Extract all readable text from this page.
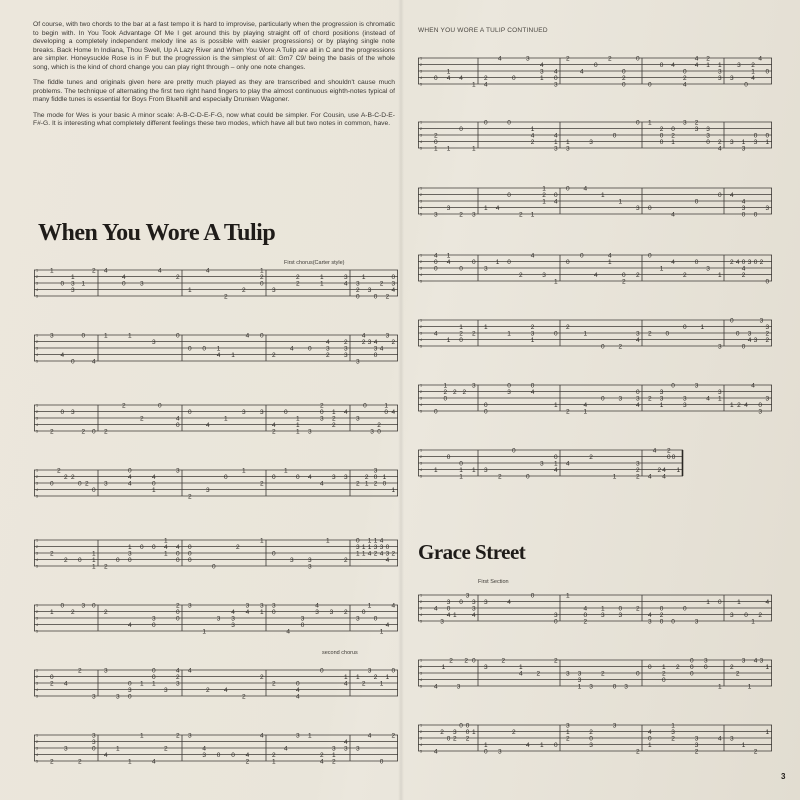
Of course, with two chords to the bar at a fast tempo it is hard to improvise, particularly when the progression is chromatic to begin with. In You Took Advantage Of Me I get around this by playing straight off of chord positions (instead of developing a completely independent melody line as is possible with easier progressions) or by playing single note breaks. Back Home In Indiana, Thou Swell, Up A Lazy River and When You Wore A Tulip are all in C and the progressions are simpler. Honeysuckle Rose is in F but the progression is the simplest of all: Gm7 C9/ being the basis of the whole song, which is the kind of chord change you can play right through – only one note changes.

The fiddle tunes and originals given here are pretty much played as they are transcribed and shouldn't cause much problems. The technique of alternating the first two right hand fingers to play the almost continuous eighth-notes typical of many fiddle tunes is essential for Boys From Bluehill and especially Drunken Wagoner.

The mode for Wes is your basic A minor scale: A-B-C-D-E-F-G, now what could be simpler. For Cousin, use A-B-C-D-E-F#-G. It is interesting what completely different feelings these two modes, which have all but two notes in common, have.

When You Wore A Tulip

First chorus(Carter style)

second chorus

WHEN YOU WORE A TULIP CONTINUED

Grace Street

First Section

1
2
3
4
5
1
0
1
3
3
1
2 4
4
0 3
4
2
1
4
2
2
1
2
0
3
2
2
1
1
3
4 3
2
0
1
3
0
2
2
0
3
4
1
2
3
4
5
3
4
0
0
4
1	1
3
0
0 0 1
4 1
4 0
2
4 0
4
3
2
2
3
3
3
4
2 3 4
3
0
4
3
2
1
2
3
4
5 2
0 3
2 0 2
2
2
0
4
0
0
4
1
3 3
4
2
0
1
1
1 3
2
0
3
1
2
2
4
3
0
3
2
0
1
0 4
1
2
3
4
5
0
2
2 2
0 2
0
3
0
4
4
4
0
1
3
2
3
0
1
2
0
1
0 4
4
3 3
2
2
1
3
0
2
1
0
1
1
2
3
4
5
2
2 0
1
1
1 2
0
1
3
0
0 0
1
4
1
4
0
0
0
0
0
0
2
1
0
3 3
3
1
2
0
3
1
1
1
1
1
4
1
3
2
4
3
4
0
3
4
2
1
2
3
4
5
1
0
2
3 0
2
4
3
0
2
0
0
3
1
3
4
3
3
3
4
3
1
3
0
4
3
0
4
3 3 2
3
0
1
0
1
4
4
1
2
3
4
5
0
2 4
2
3
3
3
0
3
0
1
0
0
1
3
4
2
3
4
2 4
2
2
2	0
4
4
0
1
4
1
2
3
2
1
1
0
1
2
3
4
5 2
3
2
3
3
0
4
1
1
1
4
2
2 3
4
3 0 0 4
2
4
2
1
4
3 1
2
4
3
1
2
4
3 3
4
0
2
1
2
3
4
5
0
1
4 4
1
2
4
4
0
3
4
3
1
4
0
3
2
4
0
2
0
2
0
0
0
0 4
0
2
4
4
4
2
1 1
3
3 3
3
0
2
1
4
4
0
1
2
3
4
5
2
0
1 1
0
1
0	0
1
4
2
4
1
3
1
3
3
0
0 1
2
0
0
0
2
1
3 2
3 3
3
0 2
4
3 1
3
0
3
0
1
1
2
3
4
5 3
3
2 3
1 4
0
2 1
1
2
1
0
4
0 4
1
1
3 0
4
0
0 4
4
3
0 0
3
1
2
3
4
5
4
0
0
1
4
0
0
3
1 0
2
4
3
1
0
0
4
4
1
0
2
2
0
1
4
2
0
3
1
2 4 0
4
2
3 0 2
0
1
2
3
4
5
4
1
1
2
0
2
1
1
2
3
1
0
2
1
0 2
3
4
2 0
0 1
3
0
0
0
3
4 3
3
3
2
2
1
2
3
4
5 0
1
2
0
2 2
3
0
0
0
3
0
4
1
2
4
1
0 3
0
3
4
2
3
3
1
0
3
3
3
4
3
1
1 2 4
4
0
3
3
1
2
3
4
5
1
0
0
1
1
1 3
2
0
0
3
0
1
4
4
2
1
3
2
2 4
4
2 4
4
2
0 0
1
1
2
3
4
5
4
3
3
0
4 1
0
3
3
3
4
3	4
0
3
0
1
4
0
2
1
3
0
3
2
4
3
0
2
0 0
0
3
1 0
3
1
0
1
2
4
1
2
3
4
5 4
1
2
3
2 0
3
2
1
4 2
2
3 3
3
1 3
2
0 3
0
0 1
2
0
2
0
0
0
3
0
1
2
2
3
1
4 3
1
1
2
3
4
5 4
2
0
3
2
0 0
0
2
1
1
0 3
2
4 1 0
3
1
2
2
0
3
3
2
4
0
1
1
3
2	3
3
2
4 3
1
2
1

3
